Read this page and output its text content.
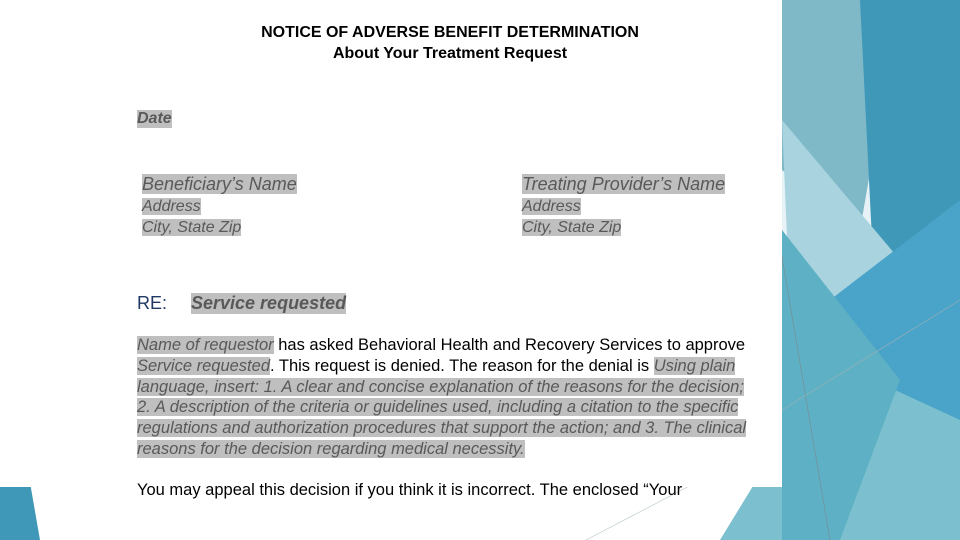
NOTICE OF ADVERSE BENEFIT DETERMINATION
About Your Treatment Request
Date
Beneficiary’s Name
Address
City, State Zip
Treating Provider’s Name
Address
City, State Zip
RE: Service requested
Name of requestor has asked Behavioral Health and Recovery Services to approve Service requested. This request is denied. The reason for the denial is Using plain language, insert: 1. A clear and concise explanation of the reasons for the decision; 2. A description of the criteria or guidelines used, including a citation to the specific regulations and authorization procedures that support the action; and 3. The clinical reasons for the decision regarding medical necessity.
You may appeal this decision if you think it is incorrect. The enclosed “Your
